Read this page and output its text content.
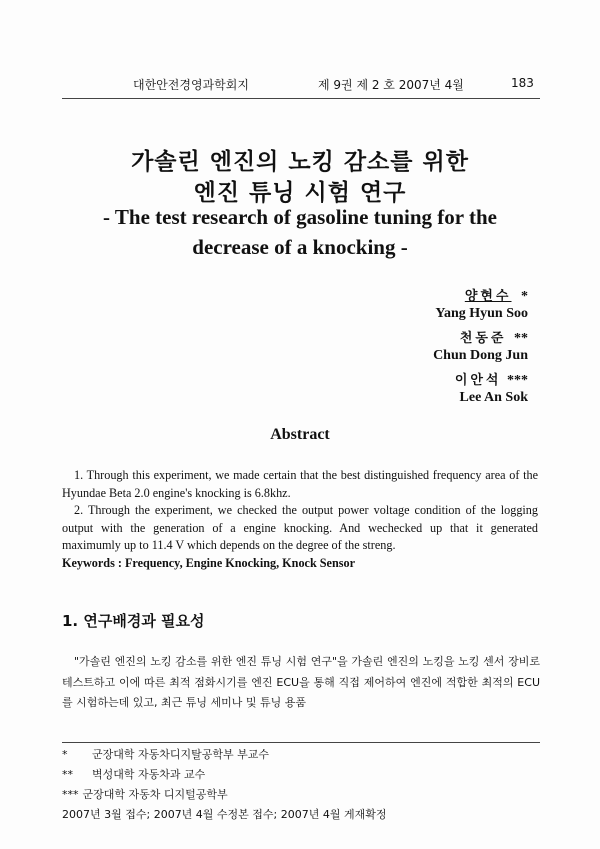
대한안전경영과학회지	제 9권 제 2 호 2007년 4월	183
가솔린 엔진의 노킹 감소를 위한
엔진 튜닝 시험 연구
- The test research of gasoline tuning for the
decrease of a knocking -
양현수 *
Yang Hyun Soo
천동준 **
Chun Dong Jun
이안석 ***
Lee An Sok
Abstract

1. Through this experiment, we made certain that the best distinguished frequency area of the Hyundae Beta 2.0 engine's knocking is 6.8khz.

2. Through the experiment, we checked the output power voltage condition of the logging output with the generation of a engine knocking. And wechecked up that it generated maximumly up to 11.4 V which depends on the degree of the streng.

Keywords : Frequency, Engine Knocking, Knock Sensor

1. 연구배경과 필요성

"가솔린 엔진의 노킹 감소를 위한 엔진 튜닝 시험 연구"을 가솔린 엔진의 노킹을 노킹 센서 장비로 테스트하고 이에 따른 최적 점화시기를 엔진 ECU을 통해 직접 제어하여 엔진에 적합한 최적의 ECU를 시험하는데 있고, 최근 튜닝 세미나 및 튜닝 용품

* 군장대학 자동차디지탈공학부 부교수
** 벽성대학 자동차과 교수
*** 군장대학 자동차 디지털공학부
2007년 3월 접수; 2007년 4월 수정본 접수; 2007년 4월 게재확정
